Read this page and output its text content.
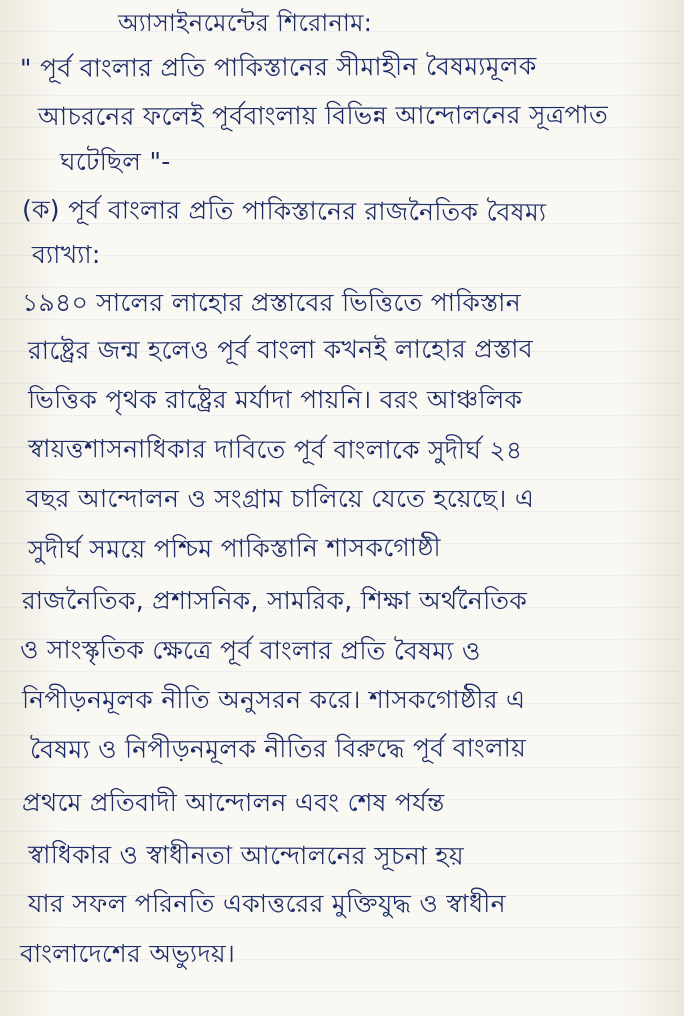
অ্যাসাইনমেন্টের শিরোনাম:
" পূর্ব বাংলার প্রতি পাকিস্তানের সীমাহীন বৈষম্যমূলক
আচরনের ফলেই পূর্ববাংলায় বিভিন্ন আন্দোলনের সূত্রপাত
ঘটেছিল "-
(ক) পূর্ব বাংলার প্রতি পাকিস্তানের রাজনৈতিক বৈষম্য
ব্যাখ্যা:
১৯৪০ সালের লাহোর প্রস্তাবের ভিত্তিতে পাকিস্তান
রাষ্ট্রের জন্ম হলেও পূর্ব বাংলা কখনই লাহোর প্রস্তাব
ভিত্তিক পৃথক রাষ্ট্রের মর্যাদা পায়নি। বরং আঞ্চলিক
স্বায়ত্তশাসনাধিকার দাবিতে পূর্ব বাংলাকে সুদীর্ঘ ২৪
বছর আন্দোলন ও সংগ্রাম চালিয়ে যেতে হয়েছে। এ
সুদীর্ঘ সময়ে পশ্চিম পাকিস্তানি শাসকগোষ্ঠী
রাজনৈতিক, প্রশাসনিক, সামরিক, শিক্ষা অর্থনৈতিক
ও সাংস্কৃতিক ক্ষেত্রে পূর্ব বাংলার প্রতি বৈষম্য ও
নিপীড়নমূলক নীতি অনুসরন করে। শাসকগোষ্ঠীর এ
বৈষম্য ও নিপীড়নমূলক নীতির বিরুদ্ধে পূর্ব বাংলায়
প্রথমে প্রতিবাদী আন্দোলন এবং শেষ পর্যন্ত
স্বাধিকার ও স্বাধীনতা আন্দোলনের সূচনা হয়
যার সফল পরিনতি একাত্তরের মুক্তিযুদ্ধ ও স্বাধীন
বাংলাদেশের অভ্যুদয়।
